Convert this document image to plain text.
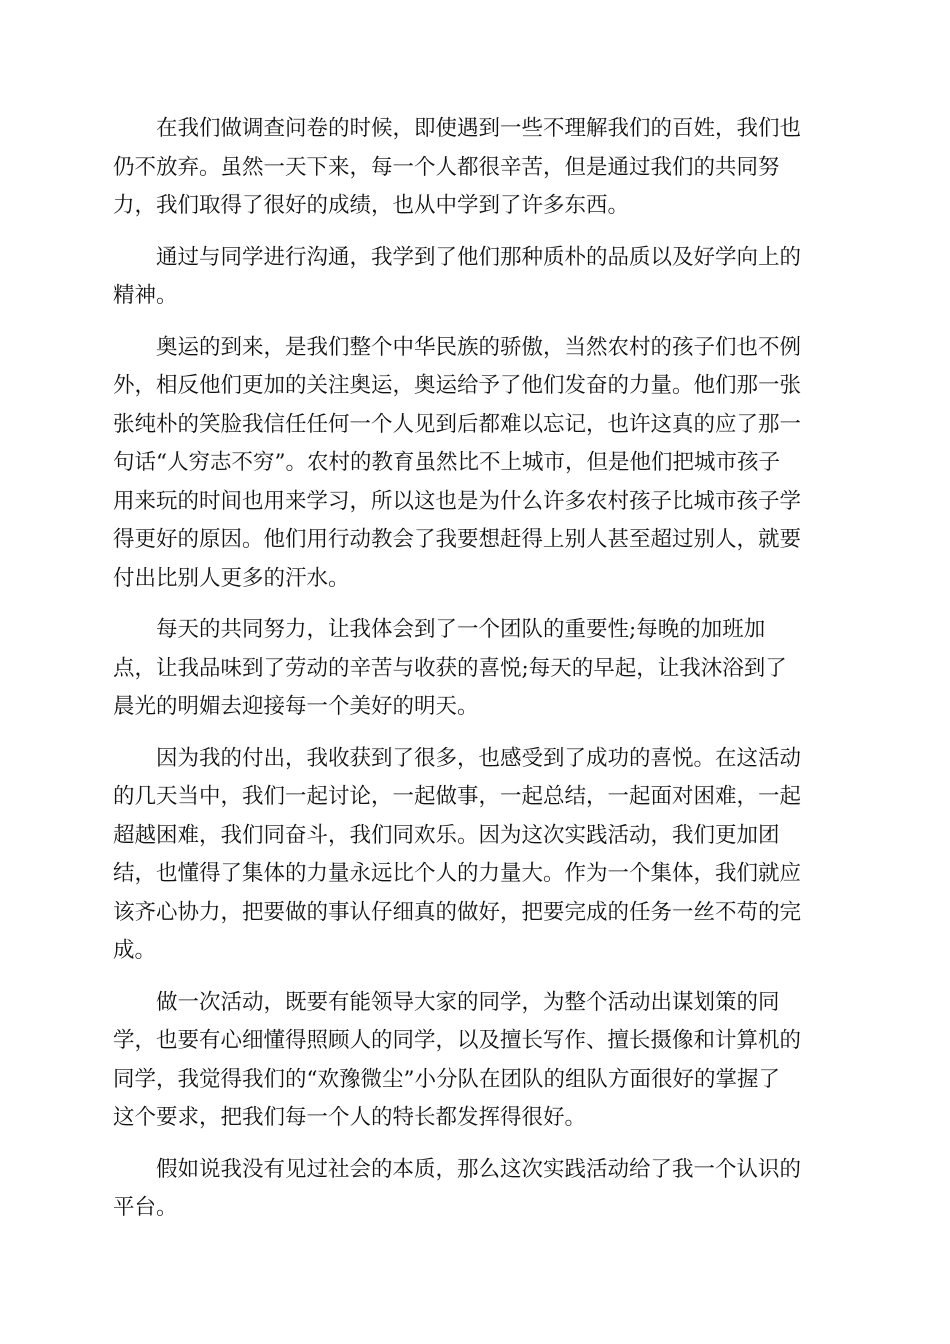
在我们做调查问卷的时候，即使遇到一些不理解我们的百姓，我们也
仍不放弃。虽然一天下来，每一个人都很辛苦，但是通过我们的共同努
力，我们取得了很好的成绩，也从中学到了许多东西。

通过与同学进行沟通，我学到了他们那种质朴的品质以及好学向上的
精神。

奥运的到来，是我们整个中华民族的骄傲，当然农村的孩子们也不例
外，相反他们更加的关注奥运，奥运给予了他们发奋的力量。他们那一张
张纯朴的笑脸我信任任何一个人见到后都难以忘记，也许这真的应了那一
句话“人穷志不穷”。农村的教育虽然比不上城市，但是他们把城市孩子
用来玩的时间也用来学习，所以这也是为什么许多农村孩子比城市孩子学
得更好的原因。他们用行动教会了我要想赶得上别人甚至超过别人，就要
付出比别人更多的汗水。

每天的共同努力，让我体会到了一个团队的重要性;每晚的加班加
点，让我品味到了劳动的辛苦与收获的喜悦;每天的早起，让我沐浴到了
晨光的明媚去迎接每一个美好的明天。

因为我的付出，我收获到了很多，也感受到了成功的喜悦。在这活动
的几天当中，我们一起讨论，一起做事，一起总结，一起面对困难，一起
超越困难，我们同奋斗，我们同欢乐。因为这次实践活动，我们更加团
结，也懂得了集体的力量永远比个人的力量大。作为一个集体，我们就应
该齐心协力，把要做的事认仔细真的做好，把要完成的任务一丝不苟的完
成。

做一次活动，既要有能领导大家的同学，为整个活动出谋划策的同
学，也要有心细懂得照顾人的同学，以及擅长写作、擅长摄像和计算机的
同学，我觉得我们的“欢豫微尘”小分队在团队的组队方面很好的掌握了
这个要求，把我们每一个人的特长都发挥得很好。

假如说我没有见过社会的本质，那么这次实践活动给了我一个认识的
平台。
